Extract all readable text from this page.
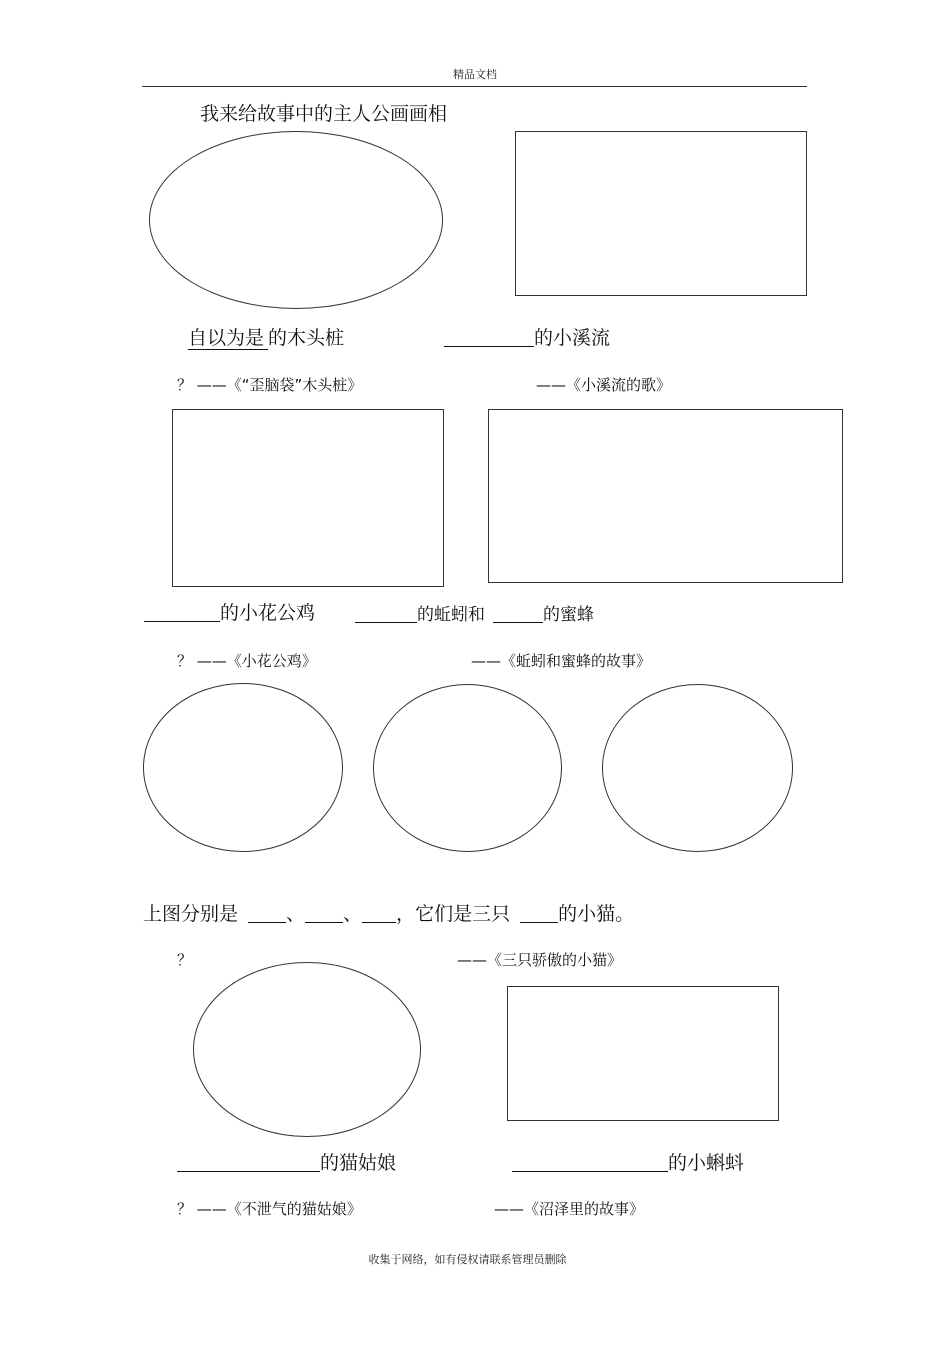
精品文档
我来给故事中的主人公画画相
自以为是 的木头桩	的小溪流
？ ——《“歪脑袋”木头桩》	——《小溪流的歌》
的小花公鸡	的蚯蚓和	的蜜蜂
？ ——《小花公鸡》	——《蚯蚓和蜜蜂的故事》
上图分别是	、 、 ，它们是三只	的小猫。
？	——《三只骄傲的小猫》
的猫姑娘	的小蝌蚪
？ ——《不泄气的猫姑娘》	——《沼泽里的故事》
收集于网络，如有侵权请联系管理员删除
